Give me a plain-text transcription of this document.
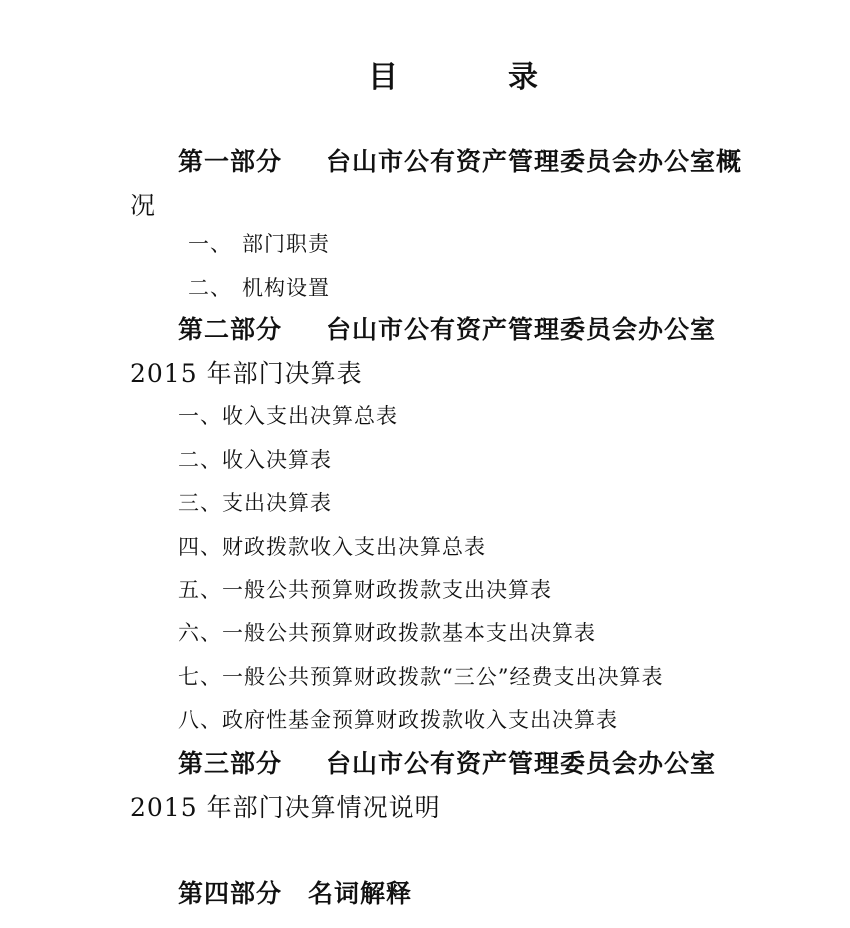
目	录
第一部分 台山市公有资产管理委员会办公室概
况
一、 部门职责
二、 机构设置
第二部分 台山市公有资产管理委员会办公室
2015 年部门决算表
一、收入支出决算总表
二、收入决算表
三、支出决算表
四、财政拨款收入支出决算总表
五、一般公共预算财政拨款支出决算表
六、一般公共预算财政拨款基本支出决算表
七、一般公共预算财政拨款“三公”经费支出决算表
八、政府性基金预算财政拨款收入支出决算表
第三部分 台山市公有资产管理委员会办公室
2015 年部门决算情况说明
第四部分 名词解释
